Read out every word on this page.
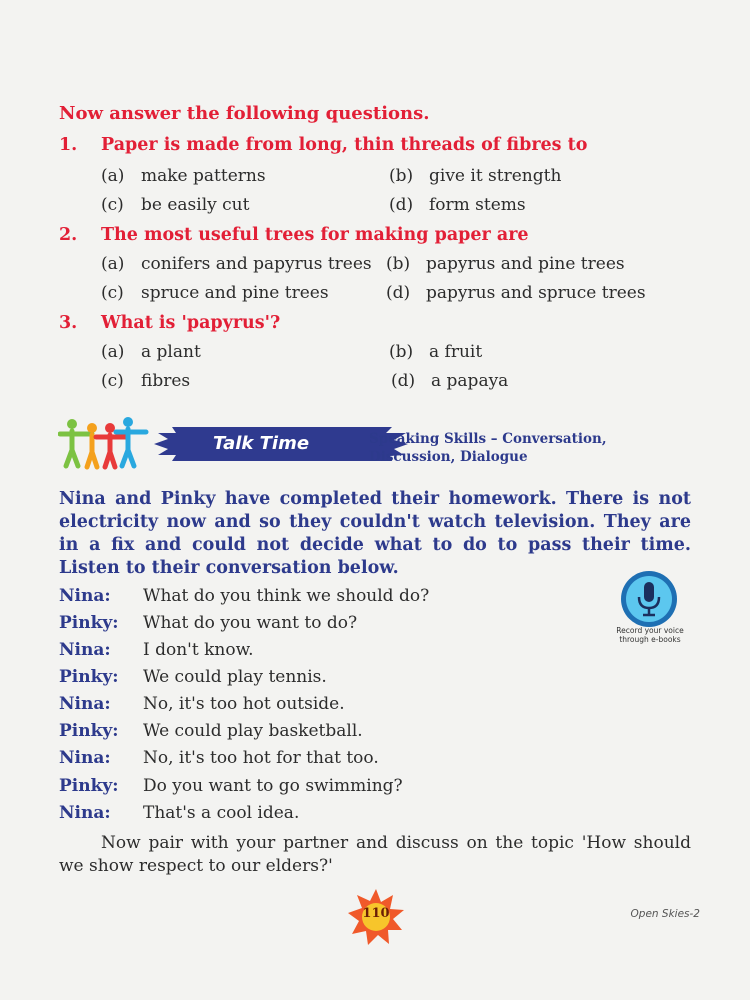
Now answer the following questions.
1. Paper is made from long, thin threads of fibres to
(a) make patterns	(b) give it strength
(c) be easily cut	(d) form stems
2. The most useful trees for making paper are
(a) conifers and papyrus trees (b) papyrus and pine trees
(c) spruce and pine trees	(d) papyrus and spruce trees
3. What is 'papyrus'?
(a) a plant	(b) a fruit
(c) fibres	(d) a papaya
Talk Time	Speaking Skills – Conversation,
Discussion, Dialogue
Nina and Pinky have completed their homework. There is not electricity now and so they couldn't watch television. They are in a fix and could not decide what to do to pass their time. Listen to their conversation below.
Record your voice
through e-books
Nina: What do you think we should do?
Pinky: What do you want to do?
Nina: I don't know.
Pinky: We could play tennis.
Nina: No, it's too hot outside.
Pinky: We could play basketball.
Nina: No, it's too hot for that too.
Pinky: Do you want to go swimming?
Nina: That's a cool idea.
Now pair with your partner and discuss on the topic 'How should we show respect to our elders?'
110	Open Skies-2
